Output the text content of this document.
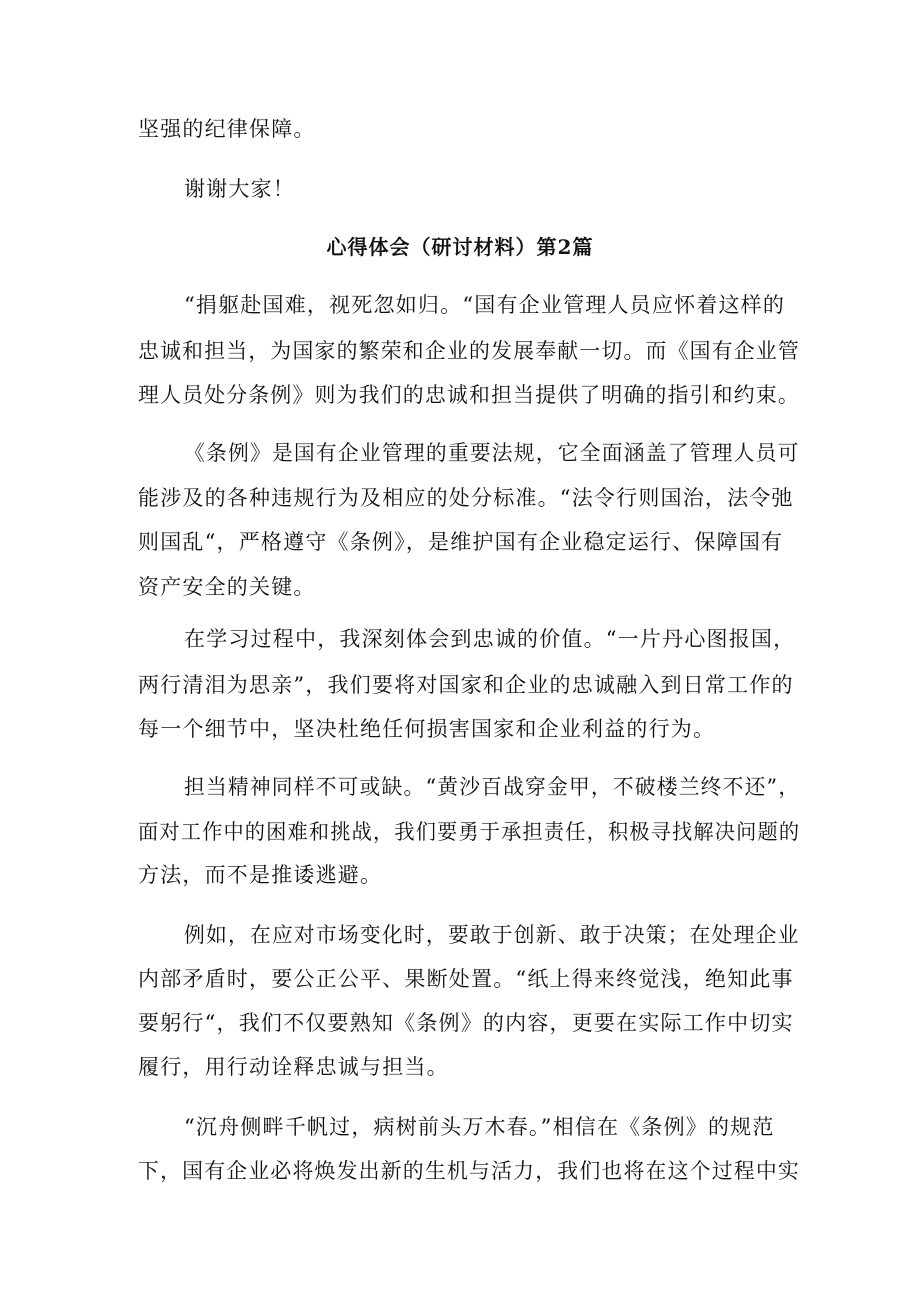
坚强的纪律保障。
谢谢大家！
心得体会（研讨材料）第2篇
“捐躯赴国难，视死忽如归。“国有企业管理人员应怀着这样的
忠诚和担当，为国家的繁荣和企业的发展奉献一切。而《国有企业管
理人员处分条例》则为我们的忠诚和担当提供了明确的指引和约束。
《条例》是国有企业管理的重要法规，它全面涵盖了管理人员可
能涉及的各种违规行为及相应的处分标准。“法令行则国治，法令弛
则国乱“，严格遵守《条例》，是维护国有企业稳定运行、保障国有
资产安全的关键。
在学习过程中，我深刻体会到忠诚的价值。“一片丹心图报国，
两行清泪为思亲”，我们要将对国家和企业的忠诚融入到日常工作的
每一个细节中，坚决杜绝任何损害国家和企业利益的行为。
担当精神同样不可或缺。“黄沙百战穿金甲，不破楼兰终不还”，
面对工作中的困难和挑战，我们要勇于承担责任，积极寻找解决问题的
方法，而不是推诿逃避。
例如，在应对市场变化时，要敢于创新、敢于决策；在处理企业
内部矛盾时，要公正公平、果断处置。“纸上得来终觉浅，绝知此事
要躬行“，我们不仅要熟知《条例》的内容，更要在实际工作中切实
履行，用行动诠释忠诚与担当。
“沉舟侧畔千帆过，病树前头万木春。”相信在《条例》的规范
下，国有企业必将焕发出新的生机与活力，我们也将在这个过程中实
